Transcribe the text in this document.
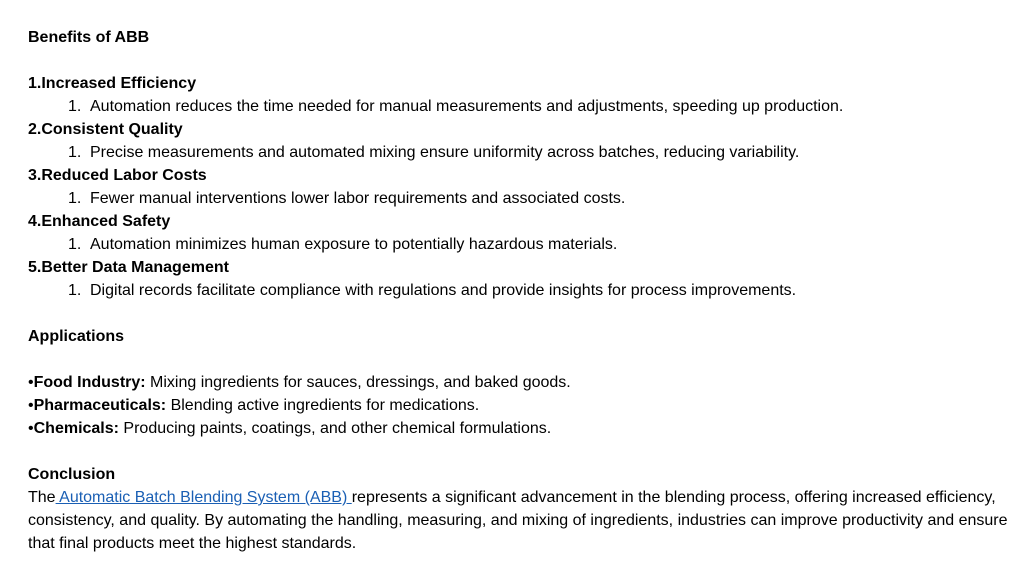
Benefits of ABB
1.Increased Efficiency
1. Automation reduces the time needed for manual measurements and adjustments, speeding up production.
2.Consistent Quality
1. Precise measurements and automated mixing ensure uniformity across batches, reducing variability.
3.Reduced Labor Costs
1. Fewer manual interventions lower labor requirements and associated costs.
4.Enhanced Safety
1. Automation minimizes human exposure to potentially hazardous materials.
5.Better Data Management
1. Digital records facilitate compliance with regulations and provide insights for process improvements.
Applications
•Food Industry: Mixing ingredients for sauces, dressings, and baked goods.
•Pharmaceuticals: Blending active ingredients for medications.
•Chemicals: Producing paints, coatings, and other chemical formulations.
Conclusion
The Automatic Batch Blending System (ABB) represents a significant advancement in the blending process, offering increased efficiency, consistency, and quality. By automating the handling, measuring, and mixing of ingredients, industries can improve productivity and ensure that final products meet the highest standards.
